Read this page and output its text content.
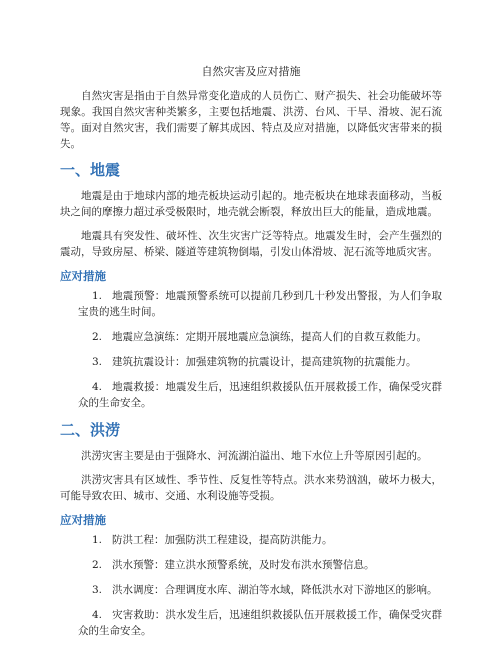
自然灾害及应对措施

自然灾害是指由于自然异常变化造成的人员伤亡、财产损失、社会功能破坏等现象。我国自然灾害种类繁多，主要包括地震、洪涝、台风、干旱、滑坡、泥石流等。面对自然灾害，我们需要了解其成因、特点及应对措施，以降低灾害带来的损失。

一、地震

地震是由于地球内部的地壳板块运动引起的。地壳板块在地球表面移动，当板块之间的摩擦力超过承受极限时，地壳就会断裂，释放出巨大的能量，造成地震。

地震具有突发性、破坏性、次生灾害广泛等特点。地震发生时，会产生强烈的震动，导致房屋、桥梁、隧道等建筑物倒塌，引发山体滑坡、泥石流等地质灾害。

应对措施
1. 地震预警：地震预警系统可以提前几秒到几十秒发出警报，为人们争取宝贵的逃生时间。
2. 地震应急演练：定期开展地震应急演练，提高人们的自救互救能力。
3. 建筑抗震设计：加强建筑物的抗震设计，提高建筑物的抗震能力。
4. 地震救援：地震发生后，迅速组织救援队伍开展救援工作，确保受灾群众的生命安全。
二、洪涝

洪涝灾害主要是由于强降水、河流湖泊溢出、地下水位上升等原因引起的。

洪涝灾害具有区域性、季节性、反复性等特点。洪水来势汹汹，破坏力极大，可能导致农田、城市、交通、水利设施等受损。

应对措施
1. 防洪工程：加强防洪工程建设，提高防洪能力。
2. 洪水预警：建立洪水预警系统，及时发布洪水预警信息。
3. 洪水调度：合理调度水库、湖泊等水域，降低洪水对下游地区的影响。
4. 灾害救助：洪水发生后，迅速组织救援队伍开展救援工作，确保受灾群众的生命安全。
